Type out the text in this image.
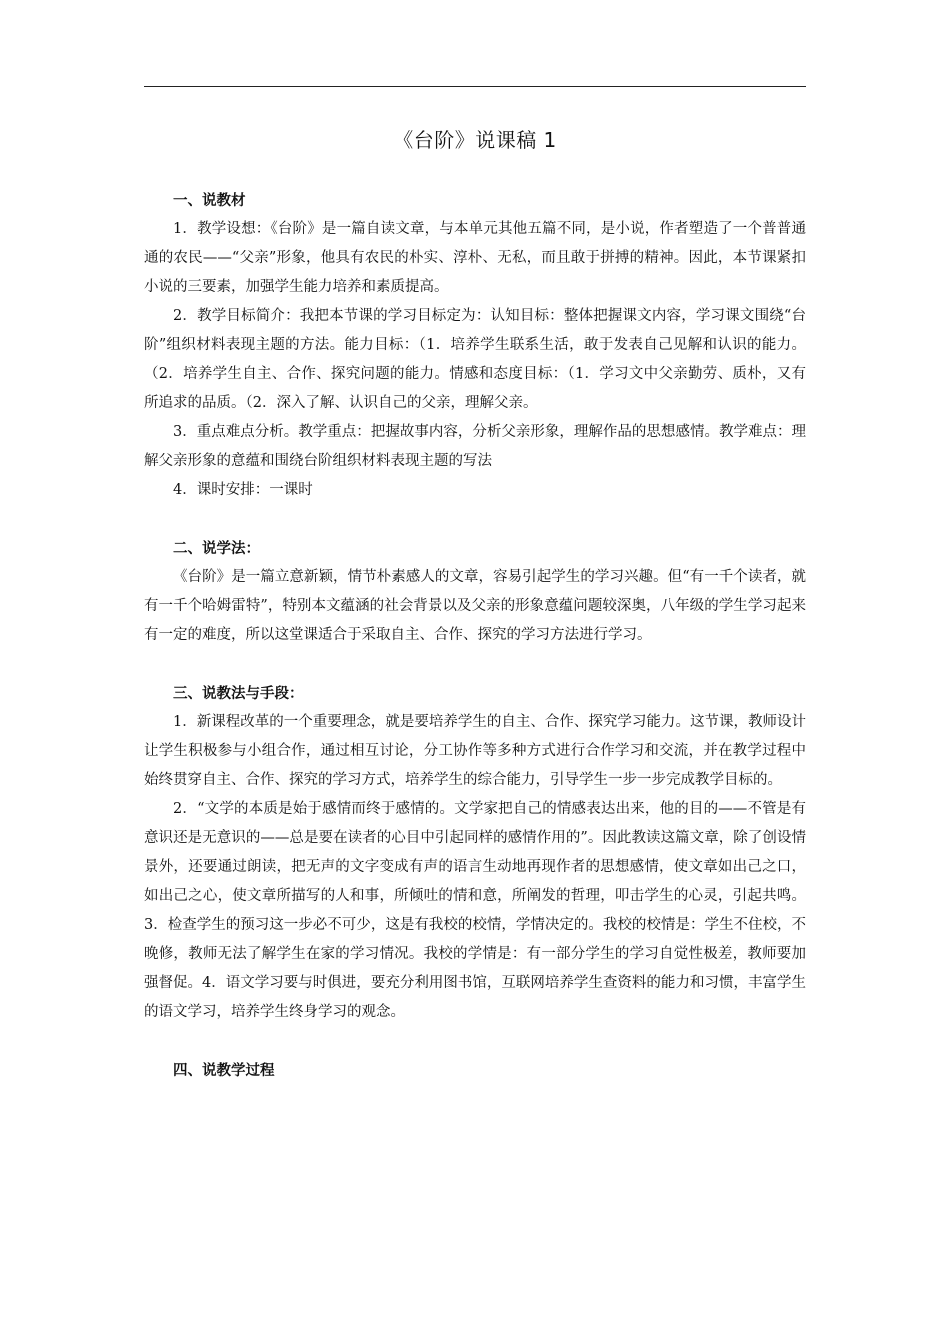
《台阶》说课稿 1

一、说教材

1．教学设想：《台阶》是一篇自读文章，与本单元其他五篇不同，是小说，作者塑造了一个普普通通的农民——“父亲”形象，他具有农民的朴实、淳朴、无私，而且敢于拼搏的精神。因此，本节课紧扣小说的三要素，加强学生能力培养和素质提高。

2．教学目标简介：我把本节课的学习目标定为：认知目标：整体把握课文内容，学习课文围绕“台阶”组织材料表现主题的方法。能力目标：（1．培养学生联系生活，敢于发表自己见解和认识的能力。（2．培养学生自主、合作、探究问题的能力。情感和态度目标：（1．学习文中父亲勤劳、质朴，又有所追求的品质。（2．深入了解、认识自己的父亲，理解父亲。

3．重点难点分析。教学重点：把握故事内容，分析父亲形象，理解作品的思想感情。教学难点：理解父亲形象的意蕴和围绕台阶组织材料表现主题的写法

4．课时安排：一课时

二、说学法：

《台阶》是一篇立意新颖，情节朴素感人的文章，容易引起学生的学习兴趣。但“有一千个读者，就有一千个哈姆雷特”，特别本文蕴涵的社会背景以及父亲的形象意蕴问题较深奥，八年级的学生学习起来有一定的难度，所以这堂课适合于采取自主、合作、探究的学习方法进行学习。

三、说教法与手段：

1．新课程改革的一个重要理念，就是要培养学生的自主、合作、探究学习能力。这节课，教师设计让学生积极参与小组合作，通过相互讨论，分工协作等多种方式进行合作学习和交流，并在教学过程中始终贯穿自主、合作、探究的学习方式，培养学生的综合能力，引导学生一步一步完成教学目标的。

2．“文学的本质是始于感情而终于感情的。文学家把自己的情感表达出来，他的目的——不管是有意识还是无意识的——总是要在读者的心目中引起同样的感情作用的”。因此教读这篇文章，除了创设情景外，还要通过朗读，把无声的文字变成有声的语言生动地再现作者的思想感情，使文章如出己之口，如出己之心，使文章所描写的人和事，所倾吐的情和意，所阐发的哲理，叩击学生的心灵，引起共鸣。3．检查学生的预习这一步必不可少，这是有我校的校情，学情决定的。我校的校情是：学生不住校，不晚修，教师无法了解学生在家的学习情况。我校的学情是：有一部分学生的学习自觉性极差，教师要加强督促。4．语文学习要与时俱进，要充分利用图书馆，互联网培养学生查资料的能力和习惯，丰富学生的语文学习，培养学生终身学习的观念。

四、说教学过程
